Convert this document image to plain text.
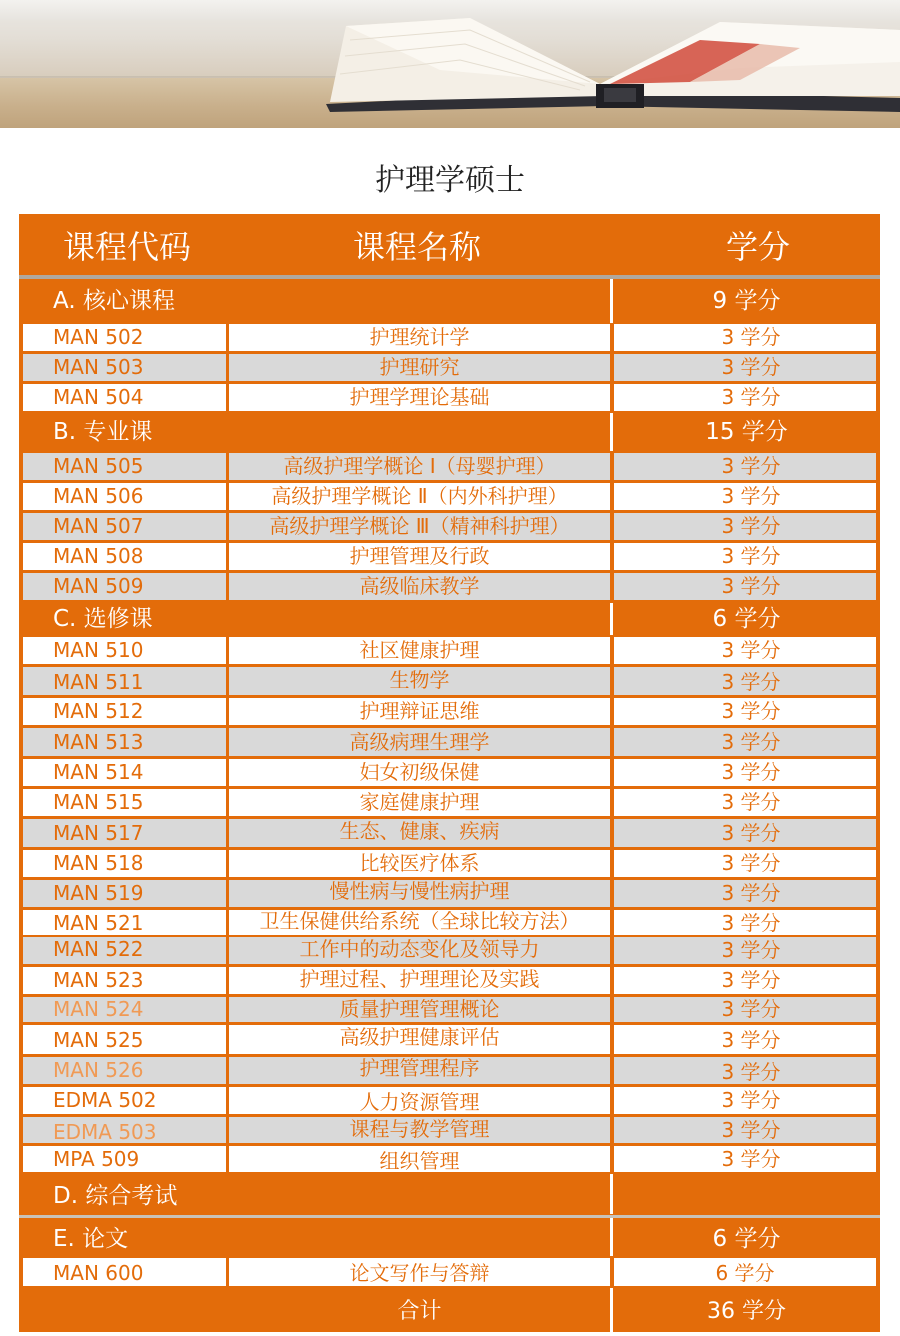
护理学硕士
课程代码	课程名称	学分
A. 核心课程	9 学分
MAN 502	护理统计学	3 学分
MAN 503	护理研究	3 学分
MAN 504	护理学理论基础	3 学分
B. 专业课	15 学分
MAN 505	高级护理学概论 Ⅰ（母婴护理）	3 学分
MAN 506	高级护理学概论 Ⅱ（内外科护理）	3 学分
MAN 507	高级护理学概论 Ⅲ（精神科护理）	3 学分
MAN 508	护理管理及行政	3 学分
MAN 509	高级临床教学	3 学分
C. 选修课	6 学分
MAN 510	社区健康护理	3 学分
MAN 511	生物学	3 学分
MAN 512	护理辩证思维	3 学分
MAN 513	高级病理生理学	3 学分
MAN 514	妇女初级保健	3 学分
MAN 515	家庭健康护理	3 学分
MAN 517	生态、健康、疾病	3 学分
MAN 518	比较医疗体系	3 学分
MAN 519	慢性病与慢性病护理	3 学分
MAN 521	卫生保健供给系统（全球比较方法）	3 学分
MAN 522	工作中的动态变化及领导力	3 学分
MAN 523	护理过程、护理理论及实践	3 学分
MAN 524	质量护理管理概论	3 学分
MAN 525	高级护理健康评估	3 学分
MAN 526	护理管理程序	3 学分
EDMA 502	人力资源管理	3 学分
EDMA 503	课程与教学管理	3 学分
MPA 509	组织管理	3 学分
D. 综合考试
E. 论文	6 学分
MAN 600	论文写作与答辩	6 学分
合计	36 学分
